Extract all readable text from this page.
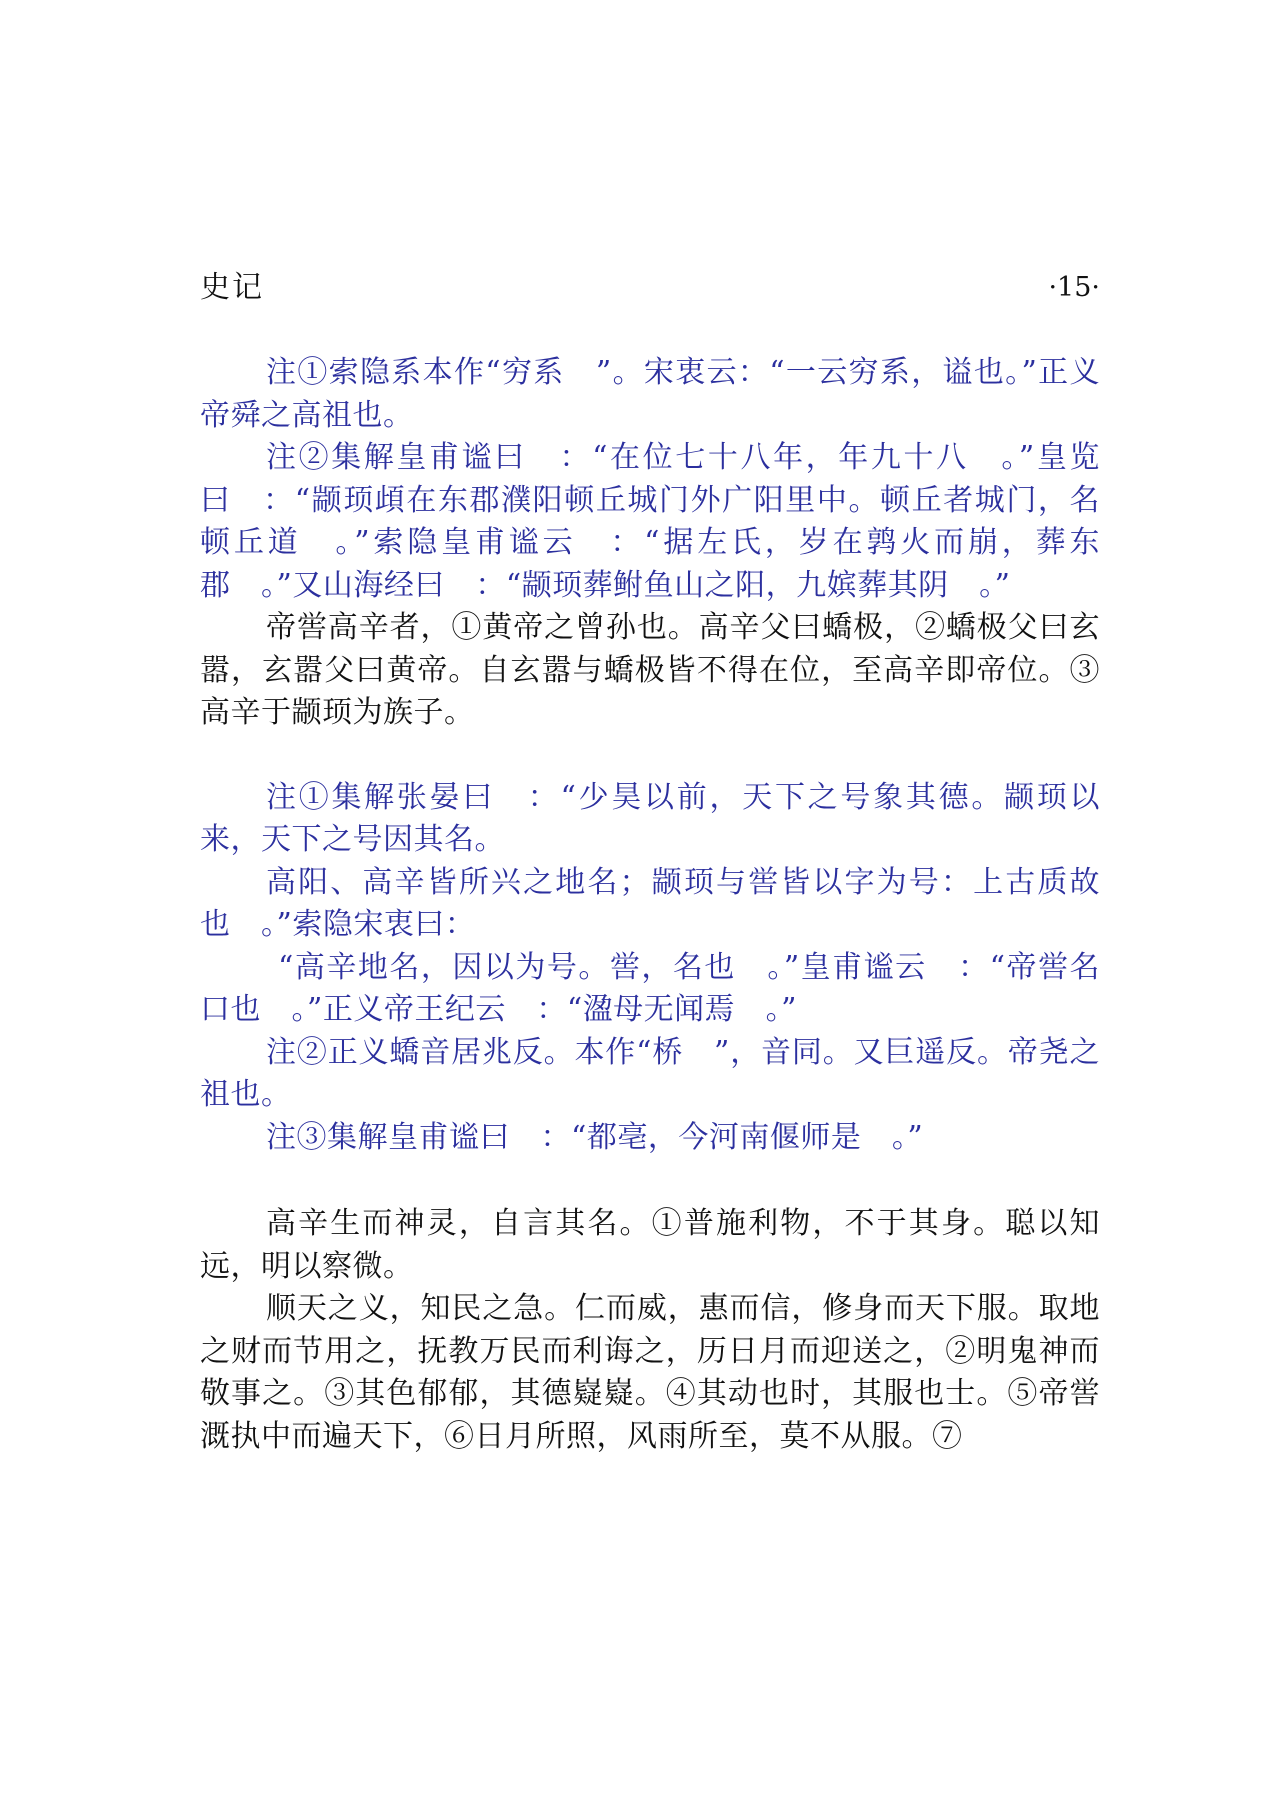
史记	·15·

注①索隐系本作“穷系　”。宋衷云：“一云穷系，谥也。”正义帝舜之高祖也。

注②集解皇甫谧曰　：“在位七十八年，年九十八　。”皇览曰　：“颛顼頉在东郡濮阳顿丘城门外广阳里中。顿丘者城门，名顿丘道　。”索隐皇甫谧云　：“据左氏，岁在鹑火而崩，葬东郡　。”又山海经曰　：“颛顼葬鲋鱼山之阳，九嫔葬其阴　。”

帝喾高辛者，①黄帝之曾孙也。高辛父曰蟜极，②蟜极父曰玄嚣，玄嚣父曰黄帝。自玄嚣与蟜极皆不得在位，至高辛即帝位。③高辛于颛顼为族子。

注①集解张晏曰　：“少昊以前，天下之号象其德。颛顼以来，天下之号因其名。

高阳、高辛皆所兴之地名；颛顼与喾皆以字为号：上古质故也　。”索隐宋衷曰：

“高辛地名，因以为号。喾，名也　。”皇甫谧云　：“帝喾名口也　。”正义帝王纪云　：“溋母无闻焉　。”

注②正义蟜音居兆反。本作“桥　”，音同。又巨遥反。帝尧之祖也。

注③集解皇甫谧曰　：“都亳，今河南偃师是　。”

高辛生而神灵，自言其名。①普施利物，不于其身。聪以知远，明以察微。

顺天之义，知民之急。仁而威，惠而信，修身而天下服。取地之财而节用之，抚教万民而利诲之，历日月而迎送之，②明鬼神而敬事之。③其色郁郁，其德嶷嶷。④其动也时，其服也士。⑤帝喾溉执中而遍天下，⑥日月所照，风雨所至，莫不从服。⑦
